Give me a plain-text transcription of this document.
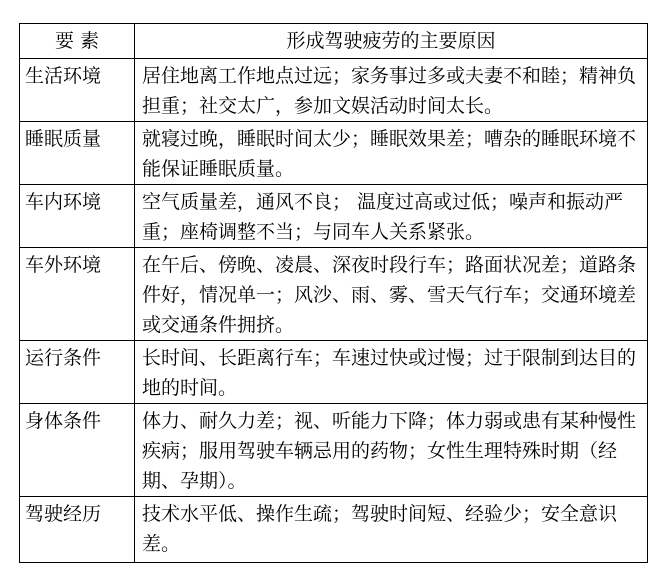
要 素	形成驾驶疲劳的主要原因
生活环境	居住地离工作地点过远；家务事过多或夫妻不和睦；精神负担重；社交太广，参加文娱活动时间太长。
睡眠质量	就寝过晚，睡眠时间太少；睡眠效果差；嘈杂的睡眠环境不能保证睡眠质量。
车内环境	空气质量差，通风不良； 温度过高或过低；噪声和振动严重；座椅调整不当；与同车人关系紧张。
车外环境	在午后、傍晚、凌晨、深夜时段行车；路面状况差；道路条件好，情况单一；风沙、雨、雾、雪天气行车；交通环境差或交通条件拥挤。
运行条件	长时间、长距离行车；车速过快或过慢；过于限制到达目的地的时间。
身体条件	体力、耐久力差；视、听能力下降；体力弱或患有某种慢性疾病；服用驾驶车辆忌用的药物；女性生理特殊时期（经期、孕期）。
驾驶经历	技术水平低、操作生疏；驾驶时间短、经验少；安全意识差。
